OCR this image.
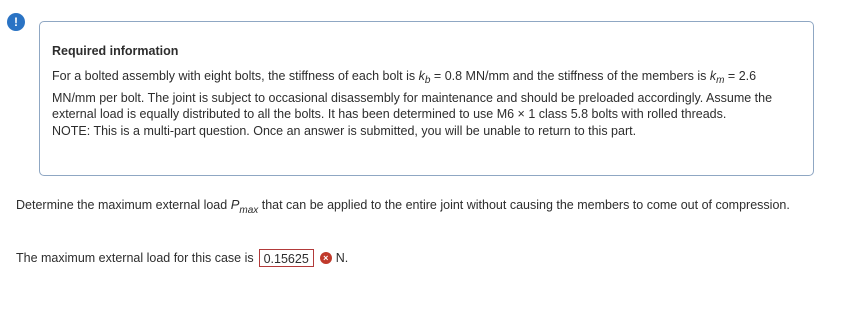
!
Required information

For a bolted assembly with eight bolts, the stiffness of each bolt is $k_b = 0.8$ MN/mm and the stiffness of the members is $k_m = 2.6$ MN/mm per bolt. The joint is subject to occasional disassembly for maintenance and should be preloaded accordingly. Assume the external load is equally distributed to all the bolts. It has been determined to use M6 × 1 class 5.8 bolts with rolled threads.

NOTE: This is a multi-part question. Once an answer is submitted, you will be unable to return to this part.

Determine the maximum external load $P_{max}$ that can be applied to the entire joint without causing the members to come out of compression.
The maximum external load for this case is 0.15625	× N.
